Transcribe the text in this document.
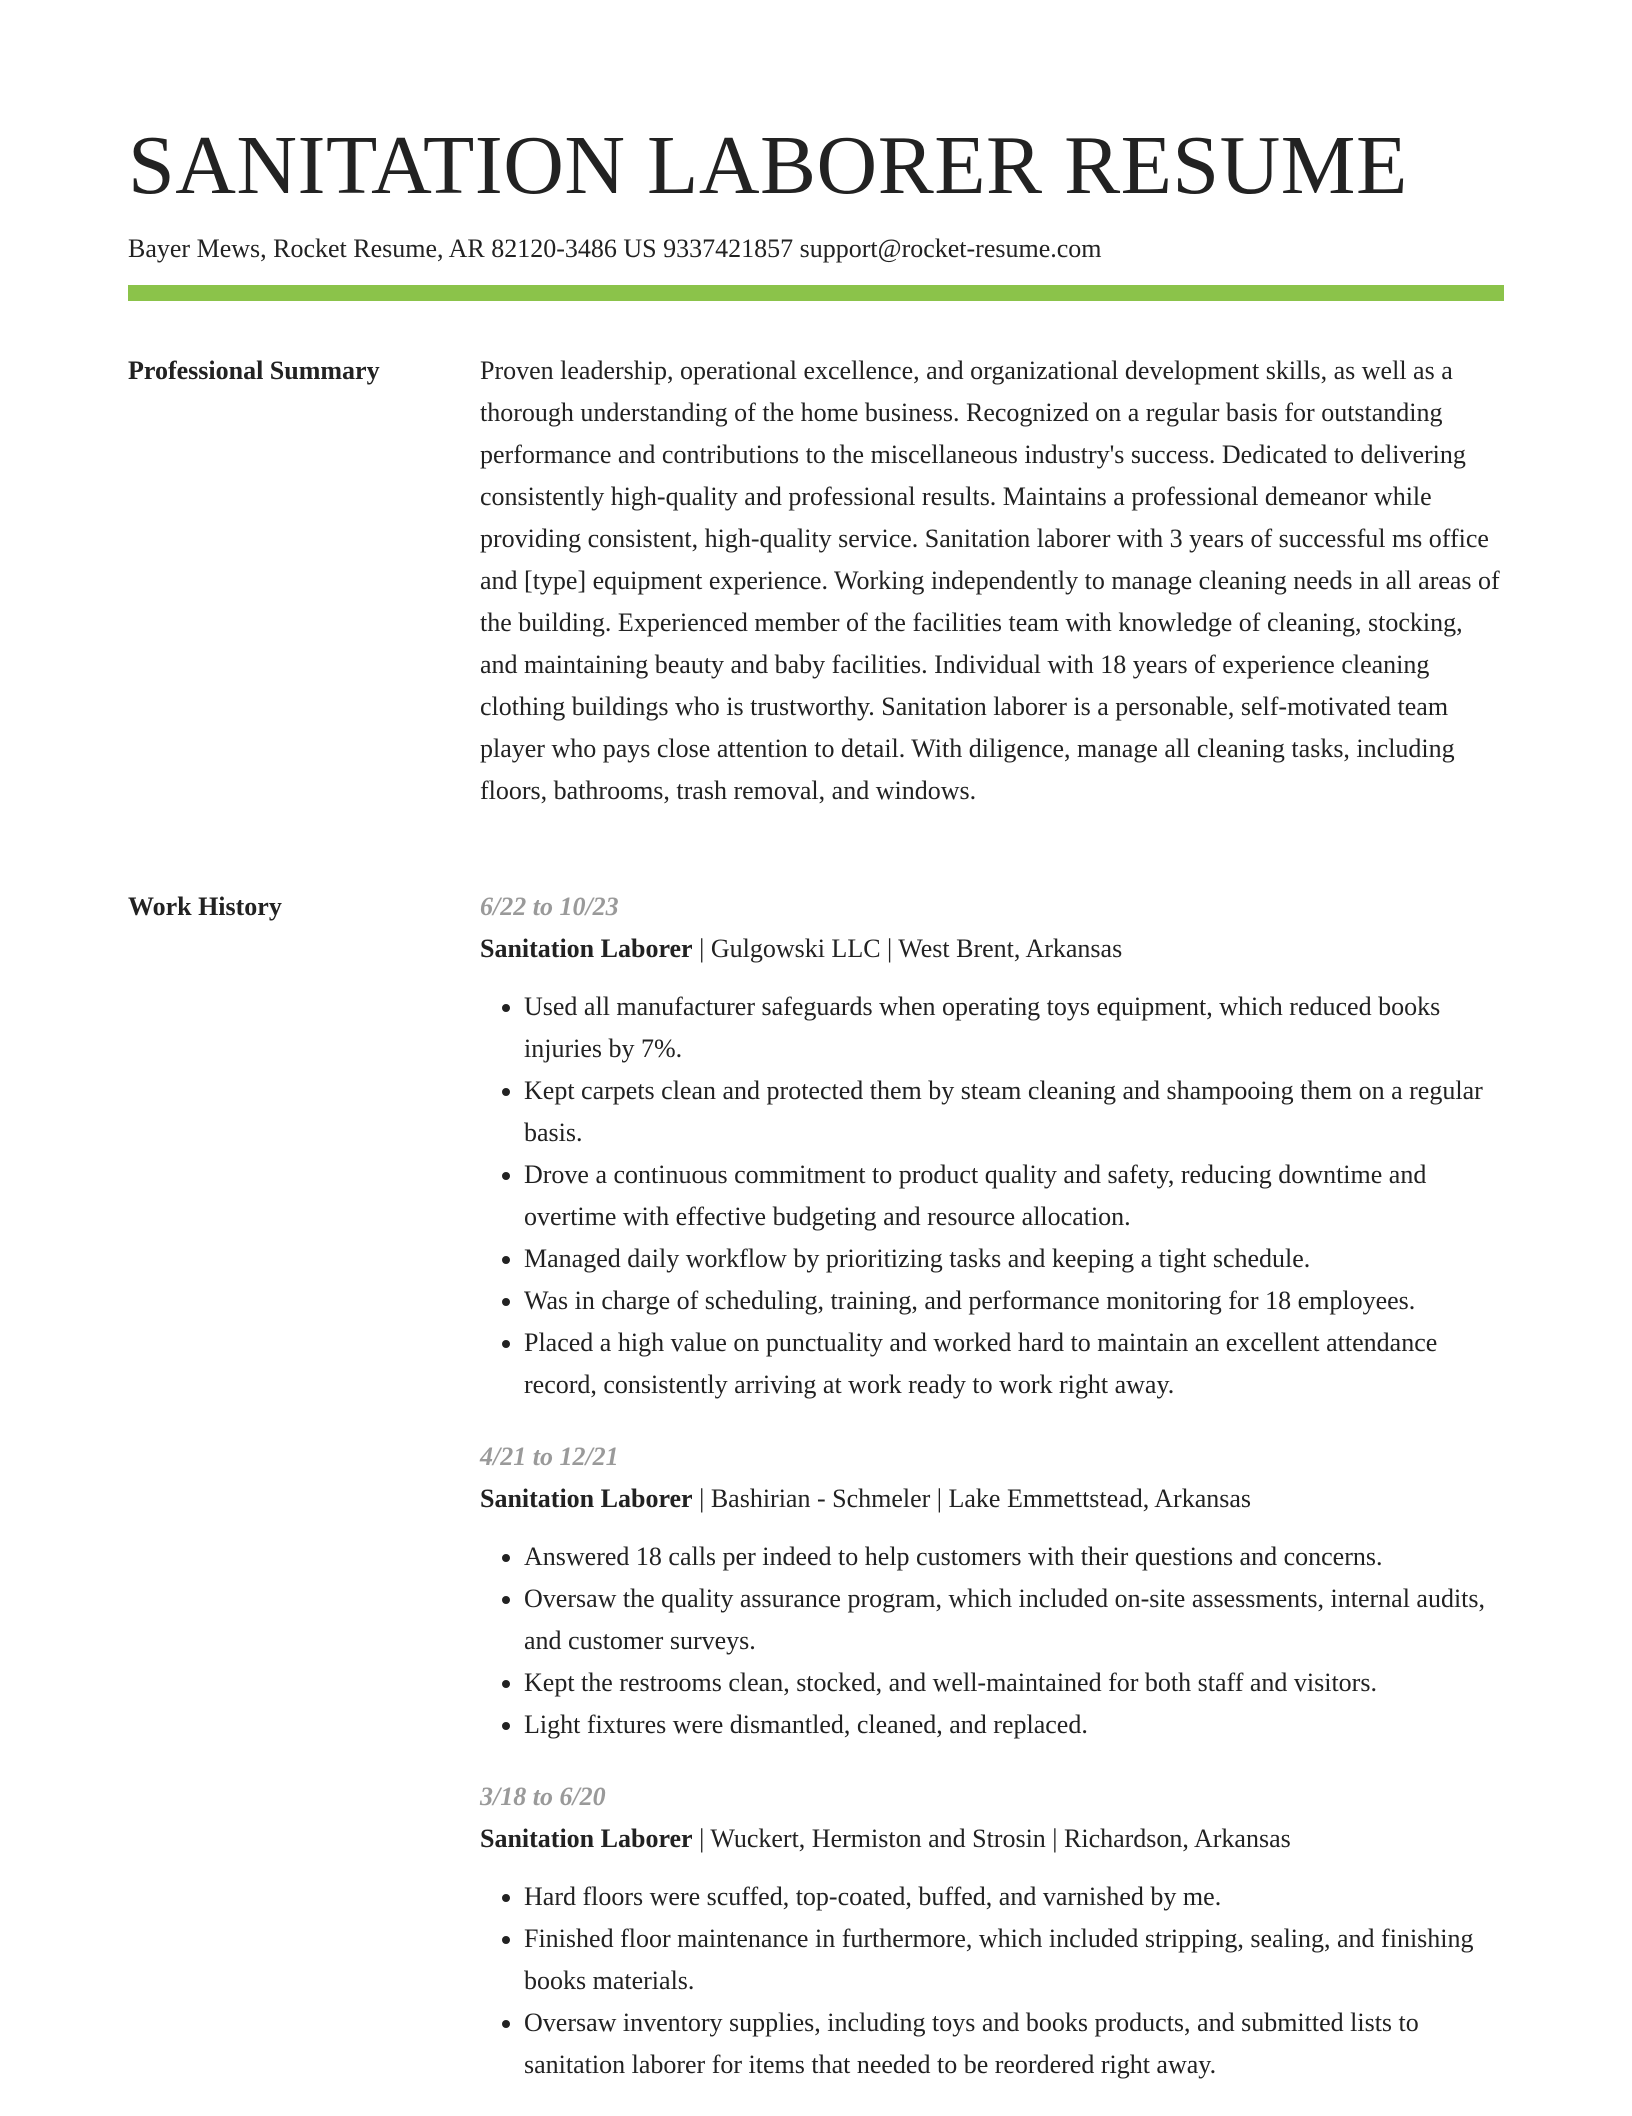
SANITATION LABORER RESUME
Bayer Mews, Rocket Resume, AR 82120-3486 US 9337421857 support@rocket-resume.com
Professional Summary	Proven leadership, operational excellence, and organizational development skills, as well as a thorough understanding of the home business. Recognized on a regular basis for outstanding performance and contributions to the miscellaneous industry's success. Dedicated to delivering consistently high-quality and professional results. Maintains a professional demeanor while providing consistent, high-quality service. Sanitation laborer with 3 years of successful ms office and [type] equipment experience. Working independently to manage cleaning needs in all areas of the building. Experienced member of the facilities team with knowledge of cleaning, stocking, and maintaining beauty and baby facilities. Individual with 18 years of experience cleaning clothing buildings who is trustworthy. Sanitation laborer is a personable, self-motivated team player who pays close attention to detail. With diligence, manage all cleaning tasks, including floors, bathrooms, trash removal, and windows.

Work History	6/22 to 10/23
Sanitation Laborer | Gulgowski LLC | West Brent, Arkansas
• Used all manufacturer safeguards when operating toys equipment, which reduced books injuries by 7%.
• Kept carpets clean and protected them by steam cleaning and shampooing them on a regular basis.
• Drove a continuous commitment to product quality and safety, reducing downtime and overtime with effective budgeting and resource allocation.
• Managed daily workflow by prioritizing tasks and keeping a tight schedule.
• Was in charge of scheduling, training, and performance monitoring for 18 employees.
• Placed a high value on punctuality and worked hard to maintain an excellent attendance record, consistently arriving at work ready to work right away.
4/21 to 12/21
Sanitation Laborer | Bashirian - Schmeler | Lake Emmettstead, Arkansas
• Answered 18 calls per indeed to help customers with their questions and concerns.
• Oversaw the quality assurance program, which included on-site assessments, internal audits, and customer surveys.
• Kept the restrooms clean, stocked, and well-maintained for both staff and visitors.
• Light fixtures were dismantled, cleaned, and replaced.
3/18 to 6/20
Sanitation Laborer | Wuckert, Hermiston and Strosin | Richardson, Arkansas
• Hard floors were scuffed, top-coated, buffed, and varnished by me.
• Finished floor maintenance in furthermore, which included stripping, sealing, and finishing books materials.
• Oversaw inventory supplies, including toys and books products, and submitted lists to sanitation laborer for items that needed to be reordered right away.
